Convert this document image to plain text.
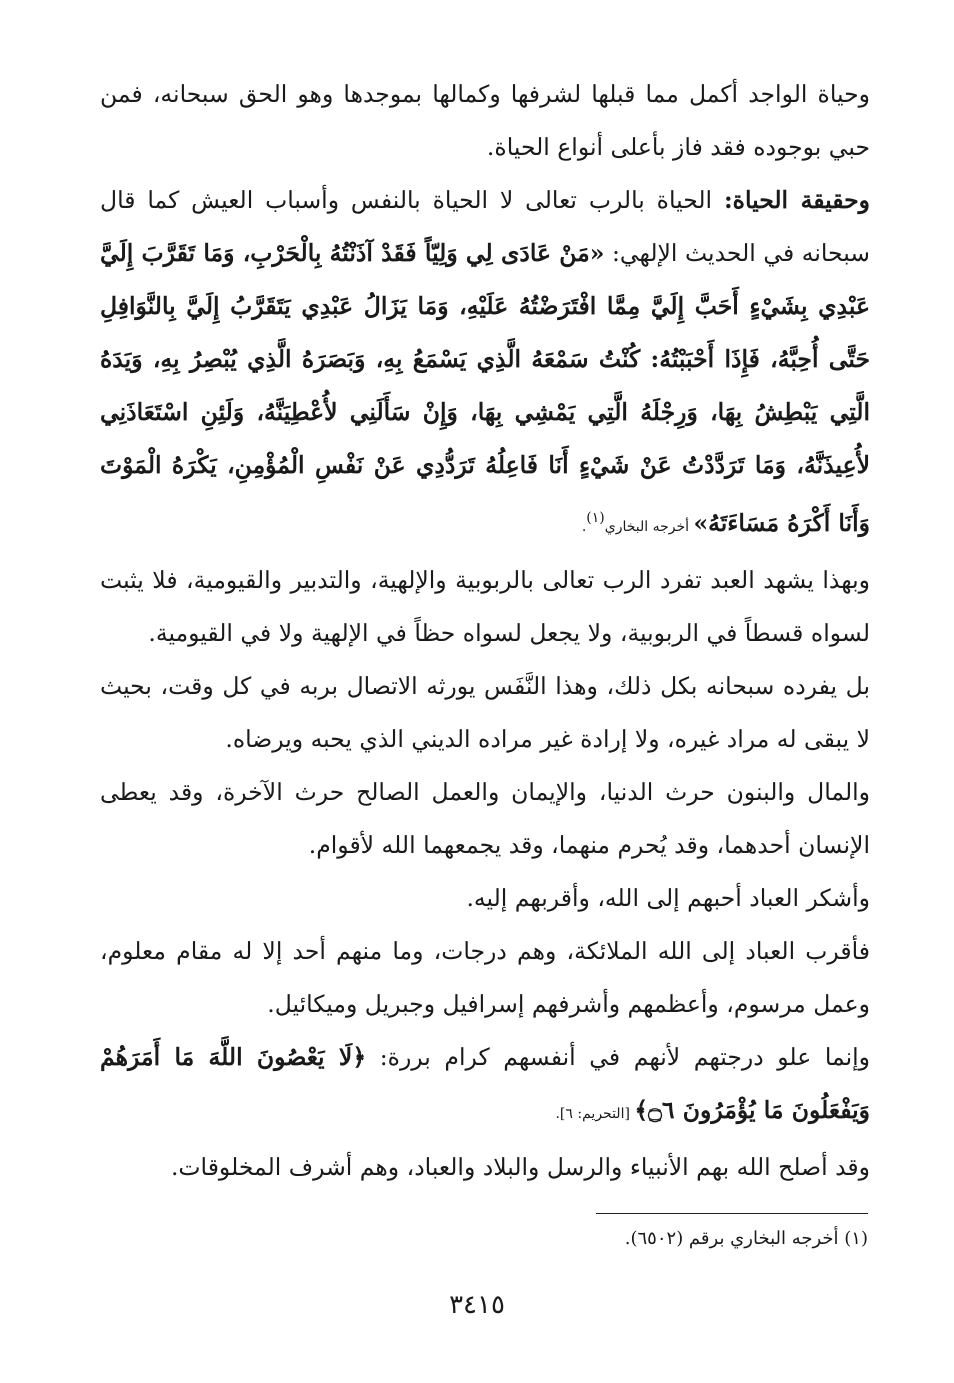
وحياة الواجد أكمل مما قبلها لشرفها وكمالها بموجدها وهو الحق سبحانه، فمن حبي بوجوده فقد فاز بأعلى أنواع الحياة.

وحقيقة الحياة: الحياة بالرب تعالى لا الحياة بالنفس وأسباب العيش كما قال سبحانه في الحديث الإلهي: «مَنْ عَادَى لِي وَلِيّاً فَقَدْ آذَنْتُهُ بِالْحَرْبِ، وَمَا تَقَرَّبَ إِلَيَّ عَبْدِي بِشَيْءٍ أَحَبَّ إِلَيَّ مِمَّا افْتَرَضْتُهُ عَلَيْهِ، وَمَا يَزَالُ عَبْدِي يَتَقَرَّبُ إِلَيَّ بِالنَّوَافِلِ حَتَّى أُحِبَّهُ، فَإِذَا أَحْبَبْتُهُ: كُنْتُ سَمْعَهُ الَّذِي يَسْمَعُ بِهِ، وَبَصَرَهُ الَّذِي يُبْصِرُ بِهِ، وَيَدَهُ الَّتِي يَبْطِشُ بِهَا، وَرِجْلَهُ الَّتِي يَمْشِي بِهَا، وَإِنْ سَأَلَنِي لأُعْطِيَنَّهُ، وَلَئِنِ اسْتَعَاذَنِي لأُعِيذَنَّهُ، وَمَا تَرَدَّدْتُ عَنْ شَيْءٍ أَنَا فَاعِلُهُ تَرَدُّدِي عَنْ نَفْسِ الْمُؤْمِنِ، يَكْرَهُ الْمَوْتَ وَأَنَا أَكْرَهُ مَسَاءَتَهُ» أخرجه البخاري$^{(١)}$.

وبهذا يشهد العبد تفرد الرب تعالى بالربوبية والإلهية، والتدبير والقيومية، فلا يثبت لسواه قسطاً في الربوبية، ولا يجعل لسواه حظاً في الإلهية ولا في القيومية.

بل يفرده سبحانه بكل ذلك، وهذا النَّفَس يورثه الاتصال بربه في كل وقت، بحيث لا يبقى له مراد غيره، ولا إرادة غير مراده الديني الذي يحبه ويرضاه.

والمال والبنون حرث الدنيا، والإيمان والعمل الصالح حرث الآخرة، وقد يعطى الإنسان أحدهما، وقد يُحرم منهما، وقد يجمعهما الله لأقوام.

وأشكر العباد أحبهم إلى الله، وأقربهم إليه.

فأقرب العباد إلى الله الملائكة، وهم درجات، وما منهم أحد إلا له مقام معلوم، وعمل مرسوم، وأعظمهم وأشرفهم إسرافيل وجبريل وميكائيل.

وإنما علو درجتهم لأنهم في أنفسهم كرام بررة: ﴿لَا يَعْصُونَ اللَّهَ مَا أَمَرَهُمْ وَيَفْعَلُونَ مَا يُؤْمَرُونَ ۝٦﴾ [التحريم: ٦].

وقد أصلح الله بهم الأنبياء والرسل والبلاد والعباد، وهم أشرف المخلوقات.

(١) أخرجه البخاري برقم (٦٥٠٢).
٣٤١٥
